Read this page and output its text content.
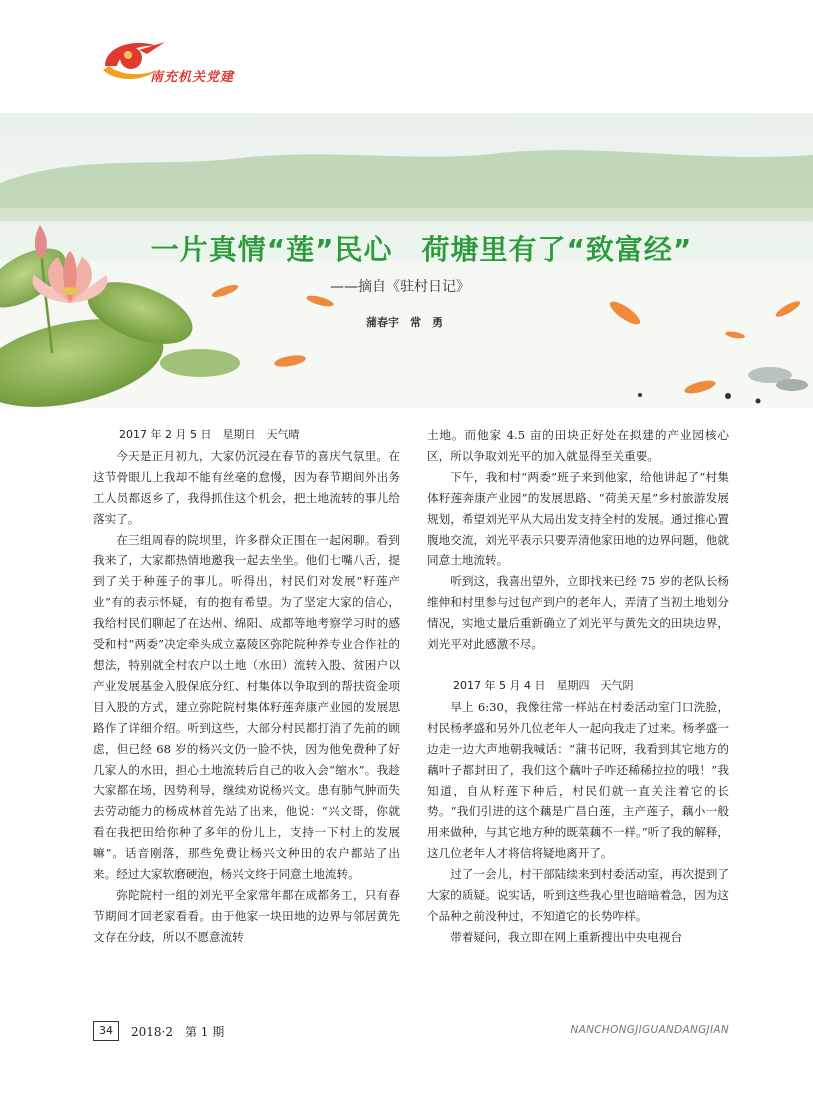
南充机关党建
一片真情“莲”民心　荷塘里有了“致富经”
——摘自《驻村日记》
蒲春宇　常　勇

2017 年 2 月 5 日　星期日　天气晴

今天是正月初九，大家仍沉浸在春节的喜庆气氛里。在这节骨眼儿上我却不能有丝毫的怠慢，因为春节期间外出务工人员都返乡了，我得抓住这个机会，把土地流转的事儿给落实了。

在三组周春的院坝里，许多群众正围在一起闲聊。看到我来了，大家都热情地邀我一起去坐坐。他们七嘴八舌，提到了关于种莲子的事儿。听得出，村民们对发展“籽莲产业”有的表示怀疑，有的抱有希望。为了坚定大家的信心，我给村民们聊起了在达州、绵阳、成都等地考察学习时的感受和村“两委”决定牵头成立嘉陵区弥陀院种养专业合作社的想法，特别就全村农户以土地（水田）流转入股、贫困户以产业发展基金入股保底分红、村集体以争取到的帮扶资金项目入股的方式，建立弥陀院村集体籽莲奔康产业园的发展思路作了详细介绍。听到这些，大部分村民都打消了先前的顾虑，但已经 68 岁的杨兴文仍一脸不快，因为他免费种了好几家人的水田，担心土地流转后自己的收入会“缩水”。我趁大家都在场，因势利导，继续劝说杨兴文。患有肺气肿而失去劳动能力的杨成林首先站了出来，他说：“兴文哥，你就看在我把田给你种了多年的份儿上，支持一下村上的发展嘛”。话音刚落，那些免费让杨兴文种田的农户都站了出来。经过大家软磨硬泡，杨兴文终于同意土地流转。

弥陀院村一组的刘光平全家常年都在成都务工，只有春节期间才回老家看看。由于他家一块田地的边界与邻居黄先文存在分歧，所以不愿意流转

土地。而他家 4.5 亩的田块正好处在拟建的产业园核心区，所以争取刘光平的加入就显得至关重要。

下午，我和村“两委”班子来到他家，给他讲起了“村集体籽莲奔康产业园”的发展思路、“荷美天星”乡村旅游发展规划，希望刘光平从大局出发支持全村的发展。通过推心置腹地交流，刘光平表示只要弄清他家田地的边界问题，他就同意土地流转。

听到这，我喜出望外，立即找来已经 75 岁的老队长杨维伸和村里参与过包产到户的老年人，弄清了当初土地划分情况，实地丈量后重新确立了刘光平与黄先文的田块边界，刘光平对此感激不尽。

2017 年 5 月 4 日　星期四　天气阴

早上 6:30，我像往常一样站在村委活动室门口洗脸，村民杨孝盛和另外几位老年人一起向我走了过来。杨孝盛一边走一边大声地朝我喊话：“蒲书记呀，我看到其它地方的藕叶子都封田了，我们这个藕叶子咋还稀稀拉拉的哦！”我知道，自从籽莲下种后，村民们就一直关注着它的长势。“我们引进的这个藕是广昌白莲，主产莲子，藕小一般用来做种，与其它地方种的既菜藕不一样。”听了我的解释，这几位老年人才将信将疑地离开了。

过了一会儿，村干部陆续来到村委活动室，再次提到了大家的质疑。说实话，听到这些我心里也暗暗着急，因为这个品种之前没种过，不知道它的长势咋样。

带着疑问，我立即在网上重新搜出中央电视台

34	2018·2　第 1 期	NANCHONGJIGUANDANGJIAN
